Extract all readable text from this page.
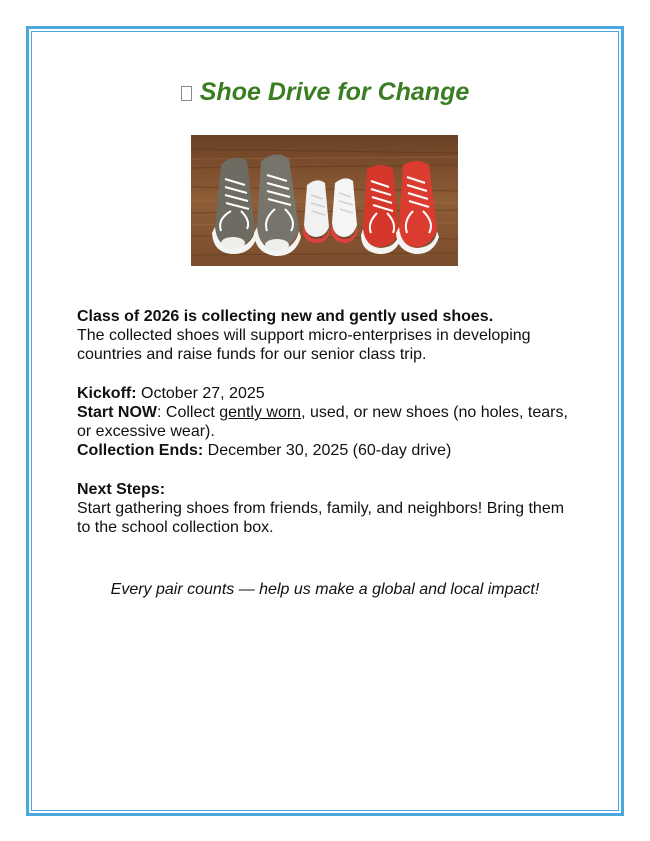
Shoe Drive for Change

Class of 2026 is collecting new and gently used shoes.
The collected shoes will support micro-enterprises in developing countries and raise funds for our senior class trip.

Kickoff: October 27, 2025

Start NOW: Collect gently worn, used, or new shoes (no holes, tears, or excessive wear).

Collection Ends: December 30, 2025 (60-day drive)

Next Steps:
Start gathering shoes from friends, family, and neighbors! Bring them to the school collection box.

Every pair counts — help us make a global and local impact!
